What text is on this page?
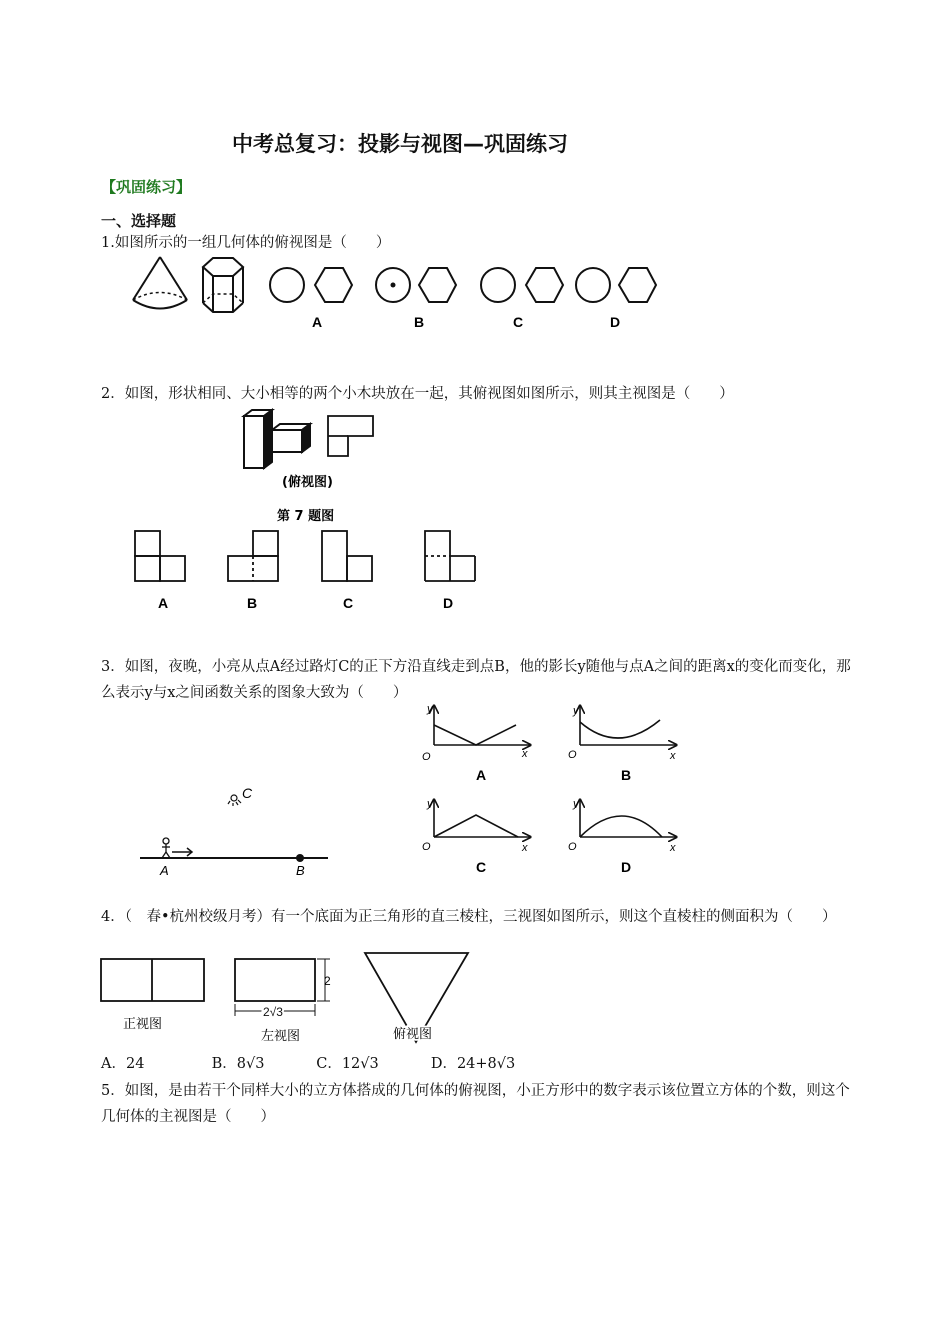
中考总复习：投影与视图—巩固练习
【巩固练习】
一、选择题
1.如图所示的一组几何体的俯视图是（　　）
A	B	C	D
2．如图，形状相同、大小相等的两个小木块放在一起，其俯视图如图所示，则其主视图是（　　）
(俯视图)
第 7 题图
A	B	C	D
3．如图，夜晚，小亮从点A经过路灯C的正下方沿直线走到点B，他的影长y随他与点A之间的距离x的变化而变化，那么表示y与x之间函数关系的图象大致为（　　）
C
A	B
y
x
O
A
y
x
O
B
y
x
O
C
y
x
O
D
4．（　春•杭州校级月考）有一个底面为正三角形的直三棱柱，三视图如图所示，则这个直棱柱的侧面积为（　　）
正视图
2
2√3
左视图	俯视图
A．24	B．8√3	C．12√3	D．24+8√3
5．如图，是由若干个同样大小的立方体搭成的几何体的俯视图，小正方形中的数字表示该位置立方体的个数，则这个几何体的主视图是（　　）
